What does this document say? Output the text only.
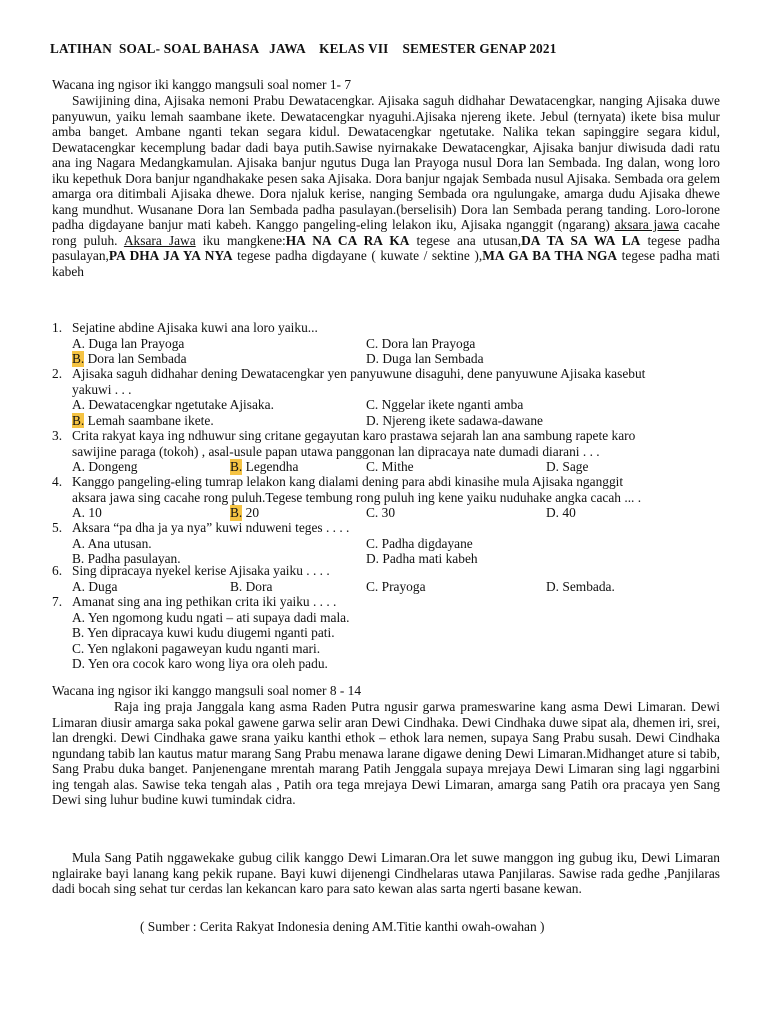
LATIHAN  SOAL- SOAL BAHASA   JAWA    KELAS VII    SEMESTER GENAP 2021
Wacana ing ngisor iki kanggo mangsuli soal nomer 1- 7
Sawijining dina, Ajisaka nemoni Prabu Dewatacengkar. Ajisaka saguh didhahar Dewatacengkar, nanging Ajisaka duwe panyuwun, yaiku lemah saambane ikete. Dewatacengkar nyaguhi.Ajisaka njereng ikete. Jebul (ternyata) ikete bisa mulur amba banget. Ambane nganti tekan segara kidul. Dewatacengkar ngetutake. Nalika tekan sapinggire segara kidul, Dewatacengkar kecemplung badar dadi baya putih.Sawise nyirnakake Dewatacengkar, Ajisaka banjur diwisuda dadi ratu ana ing Nagara Medangkamulan. Ajisaka banjur ngutus Duga lan Prayoga nusul Dora lan Sembada. Ing dalan, wong loro iku kepethuk Dora banjur ngandhakake pesen saka Ajisaka. Dora banjur ngajak Sembada nusul Ajisaka. Sembada ora gelem amarga ora ditimbali Ajisaka dhewe. Dora njaluk kerise, nanging Sembada ora ngulungake, amarga dudu Ajisaka dhewe kang mundhut. Wusanane Dora lan Sembada padha pasulayan.(berselisih) Dora lan Sembada perang tanding. Loro-lorone padha digdayane banjur mati kabeh. Kanggo pangeling-eling lelakon iku, Ajisaka nganggit (ngarang) aksara jawa cacahe rong puluh. Aksara Jawa iku mangkene:HA NA CA RA KA tegese ana utusan,DA TA SA WA LA tegese padha pasulayan,PA DHA JA YA NYA tegese padha digdayane ( kuwate / sektine ),MA GA BA THA NGA tegese padha mati kabeh
1. Sejatine abdine Ajisaka kuwi ana loro yaiku...
A. Duga lan Prayoga	C. Dora lan Prayoga
B. Dora lan Sembada	D. Duga lan Sembada
2. Ajisaka saguh didhahar dening Dewatacengkar yen panyuwune disaguhi, dene panyuwune Ajisaka kasebut
yakuwi . . .
A. Dewatacengkar ngetutake Ajisaka.	C. Nggelar ikete nganti amba
B. Lemah saambane ikete.	D. Njereng ikete sadawa-dawane
3. Crita rakyat kaya ing ndhuwur sing critane gegayutan karo prastawa sejarah lan ana sambung rapete karo
sawijine paraga (tokoh) , asal-usule papan utawa panggonan lan dipracaya nate dumadi diarani . . .
A. Dongeng	B. Legendha	C. Mithe	D. Sage
4. Kanggo pangeling-eling tumrap lelakon kang dialami dening para abdi kinasihe mula Ajisaka nganggit
aksara jawa sing cacahe rong puluh.Tegese tembung rong puluh ing kene yaiku nuduhake angka cacah ... .
A. 10	B. 20	C. 30	D. 40
5. Aksara “pa dha ja ya nya” kuwi nduweni teges . . . .
A. Ana utusan.	C. Padha digdayane
B. Padha pasulayan.	D. Padha mati kabeh
6. Sing dipracaya nyekel kerise Ajisaka yaiku . . . .
A. Duga	B. Dora	C. Prayoga	D. Sembada.
7. Amanat sing ana ing pethikan crita iki yaiku . . . .
A. Yen ngomong kudu ngati – ati supaya dadi mala.
B. Yen dipracaya kuwi kudu diugemi nganti pati.
C. Yen nglakoni pagaweyan kudu nganti mari.
D. Yen ora cocok karo wong liya ora oleh padu.
Wacana ing ngisor iki kanggo mangsuli soal nomer 8 - 14
Raja ing praja Janggala kang asma Raden Putra ngusir garwa prameswarine kang asma Dewi Limaran. Dewi Limaran diusir amarga saka pokal gawene garwa selir aran Dewi Cindhaka. Dewi Cindhaka duwe sipat ala, dhemen iri, srei, lan drengki. Dewi Cindhaka gawe srana yaiku kanthi ethok – ethok lara nemen, supaya Sang Prabu susah. Dewi Cindhaka ngundang tabib lan kautus matur marang Sang Prabu menawa larane digawe dening Dewi Limaran.Midhanget ature si tabib, Sang Prabu duka banget. Panjenengane mrentah marang Patih Jenggala supaya mrejaya Dewi Limaran sing lagi nggarbini ing tengah alas. Sawise teka tengah alas , Patih ora tega mrejaya Dewi Limaran, amarga sang Patih ora pracaya yen Sang Dewi sing luhur budine kuwi tumindak cidra.
Mula Sang Patih nggawekake gubug cilik kanggo Dewi Limaran.Ora let suwe manggon ing gubug iku, Dewi Limaran nglairake bayi lanang kang pekik rupane. Bayi kuwi dijenengi Cindhelaras utawa Panjilaras. Sawise rada gedhe ,Panjilaras dadi bocah sing sehat tur cerdas lan kekancan karo para sato kewan alas sarta ngerti basane kewan.
( Sumber : Cerita Rakyat Indonesia dening AM.Titie kanthi owah-owahan )
